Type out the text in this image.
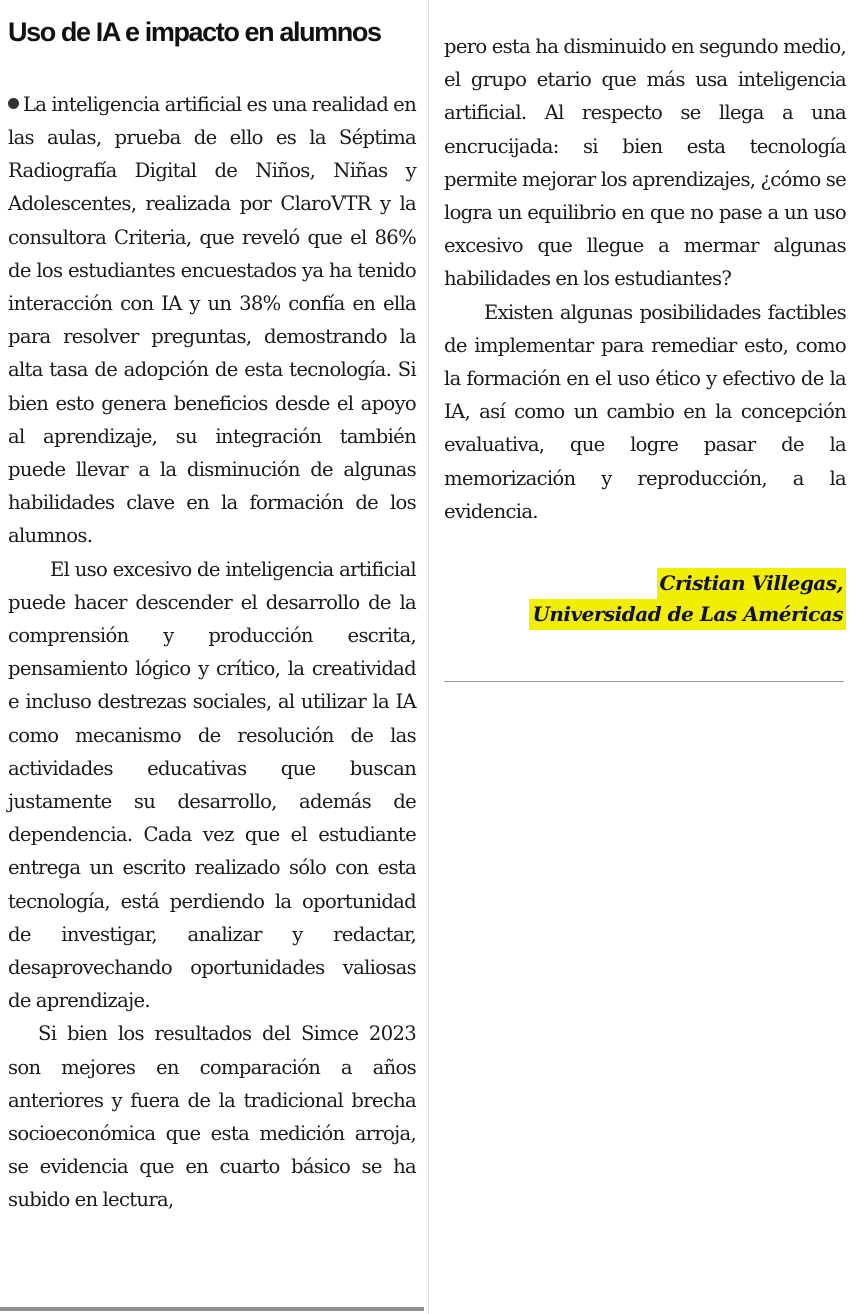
Uso de IA e impacto en alumnos

La inteligencia artificial es una realidad en las aulas, prueba de ello es la Séptima Radiografía Digital de Niños, Niñas y Adolescentes, realizada por ClaroVTR y la consultora Criteria, que reveló que el 86% de los estudiantes encuestados ya ha tenido interacción con IA y un 38% confía en ella para resolver preguntas, demostrando la alta tasa de adopción de esta tecnología. Si bien esto genera beneficios desde el apoyo al aprendizaje, su integración también puede llevar a la disminución de algunas habilidades clave en la formación de los alumnos.

El uso excesivo de inteligencia artificial puede hacer descender el desarrollo de la comprensión y producción escrita, pensamiento lógico y crítico, la creatividad e incluso destrezas sociales, al utilizar la IA como mecanismo de resolución de las actividades educativas que buscan justamente su desarrollo, además de dependencia. Cada vez que el estudiante entrega un escrito realizado sólo con esta tecnología, está perdiendo la oportunidad de investigar, analizar y redactar, desaprovechando oportunidades valiosas de aprendizaje.

Si bien los resultados del Simce 2023 son mejores en comparación a años anteriores y fuera de la tradicional brecha socioeconómica que esta medición arroja, se evidencia que en cuarto básico se ha subido en lectura,

pero esta ha disminuido en segundo medio, el grupo etario que más usa inteligencia artificial. Al respecto se llega a una encrucijada: si bien esta tecnología permite mejorar los aprendizajes, ¿cómo se logra un equilibrio en que no pase a un uso excesivo que llegue a mermar algunas habilidades en los estudiantes?

Existen algunas posibilidades factibles de implementar para remediar esto, como la formación en el uso ético y efectivo de la IA, así como un cambio en la concepción evaluativa, que logre pasar de la memorización y reproducción, a la evidencia.

Cristian Villegas,
Universidad de Las Américas
